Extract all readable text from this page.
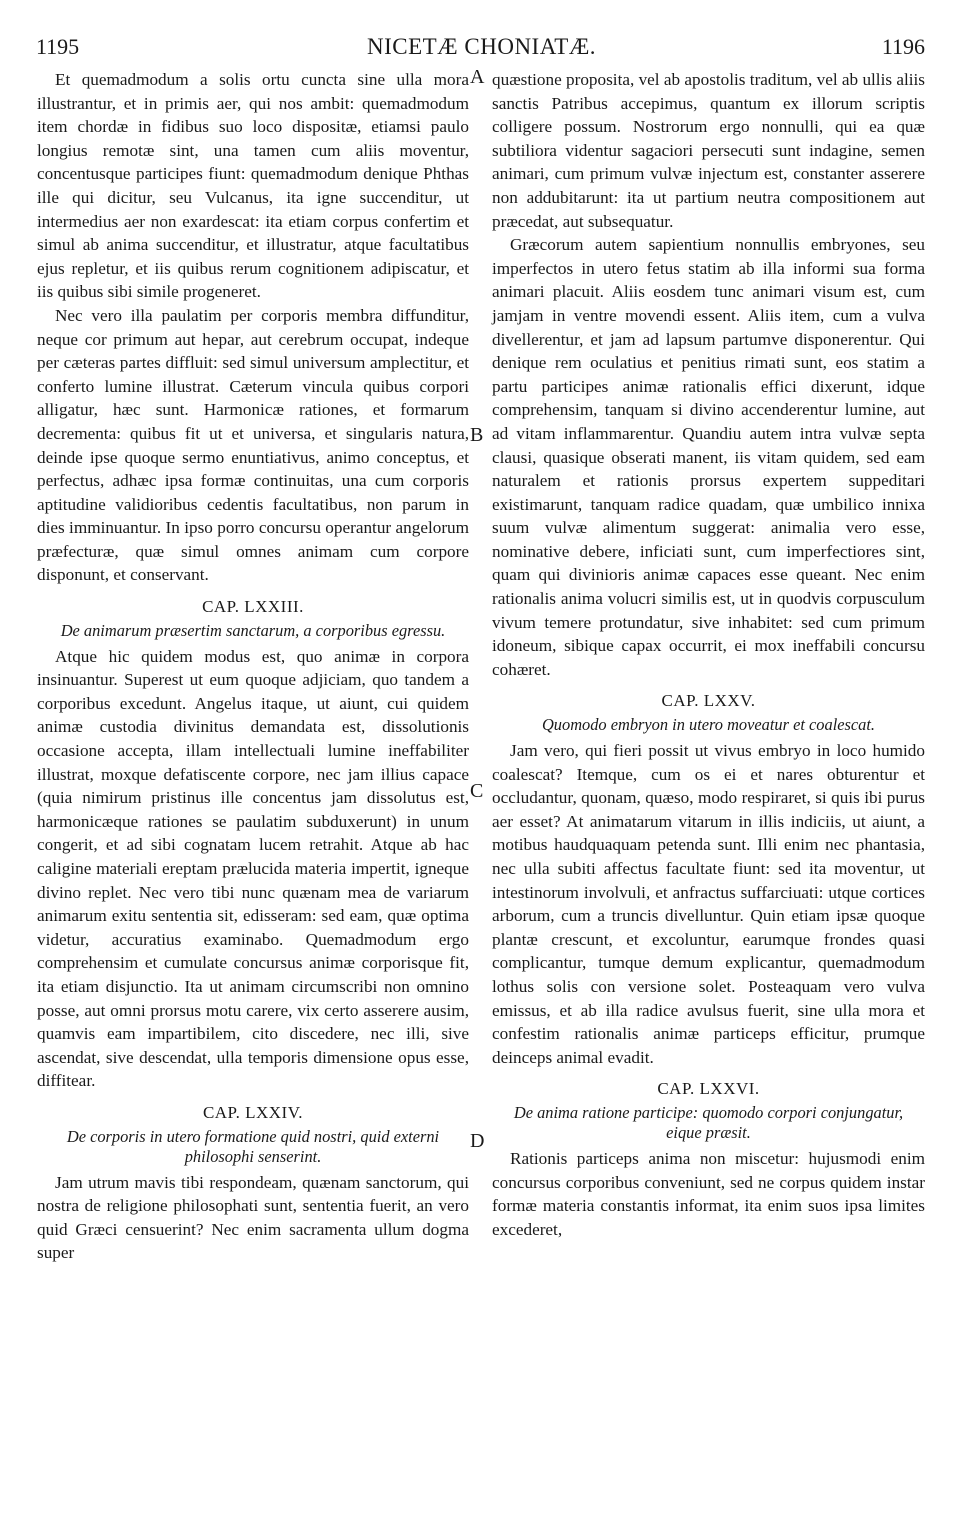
1195	NICETÆ CHONIATÆ.	1196
A
B
C
D

Et quemadmodum a solis ortu cuncta sine ulla mora illustrantur, et in primis aer, qui nos ambit: quemadmodum item chordæ in fidibus suo loco dispositæ, etiamsi paulo longius remotæ sint, una tamen cum aliis moventur, concentusque participes fiunt: quemadmodum denique Phthas ille qui dicitur, seu Vulcanus, ita igne succenditur, ut intermedius aer non exardescat: ita etiam corpus confertim et simul ab anima succenditur, et illustratur, atque facultatibus ejus repletur, et iis quibus rerum cognitionem adipiscatur, et iis quibus sibi simile progeneret.

Nec vero illa paulatim per corporis membra diffunditur, neque cor primum aut hepar, aut cerebrum occupat, indeque per cæteras partes diffluit: sed simul universum amplectitur, et conferto lumine illustrat. Cæterum vincula quibus corpori alligatur, hæc sunt. Harmonicæ rationes, et formarum decrementa: quibus fit ut et universa, et singularis natura, deinde ipse quoque sermo enuntiativus, animo conceptus, et perfectus, adhæc ipsa formæ continuitas, una cum corporis aptitudine validioribus cedentis facultatibus, non parum in dies imminuantur. In ipso porro concursu operantur angelorum præfecturæ, quæ simul omnes animam cum corpore disponunt, et conservant.

CAP. LXXIII.
De animarum præsertim sanctarum, a corporibus egressu.

Atque hic quidem modus est, quo animæ in corpora insinuantur. Superest ut eum quoque adjiciam, quo tandem a corporibus excedunt. Angelus itaque, ut aiunt, cui quidem animæ custodia divinitus demandata est, dissolutionis occasione accepta, illam intellectuali lumine ineffabiliter illustrat, moxque defatiscente corpore, nec jam illius capace (quia nimirum pristinus ille concentus jam dissolutus est, harmonicæque rationes se paulatim subduxerunt) in unum congerit, et ad sibi cognatam lucem retrahit. Atque ab hac caligine materiali ereptam prælucida materia impertit, igneque divino replet. Nec vero tibi nunc quænam mea de variarum animarum exitu sententia sit, edisseram: sed eam, quæ optima videtur, accuratius examinabo. Quemadmodum ergo comprehensim et cumulate concursus animæ corporisque fit, ita etiam disjunctio. Ita ut animam circumscribi non omnino posse, aut omni prorsus motu carere, vix certo asserere ausim, quamvis eam impartibilem, cito discedere, nec illi, sive ascendat, sive descendat, ulla temporis dimensione opus esse, diffitear.

CAP. LXXIV.
De corporis in utero formatione quid nostri, quid externi philosophi senserint.

Jam utrum mavis tibi respondeam, quænam sanctorum, qui nostra de religione philosophati sunt, sententia fuerit, an vero quid Græci censuerint? Nec enim sacramenta ullum dogma super

quæstione proposita, vel ab apostolis traditum, vel ab ullis aliis sanctis Patribus accepimus, quantum ex illorum scriptis colligere possum. Nostrorum ergo nonnulli, qui ea quæ subtiliora videntur sagaciori persecuti sunt indagine, semen animari, cum primum vulvæ injectum est, constanter asserere non addubitarunt: ita ut partium neutra compositionem aut præcedat, aut subsequatur.

Græcorum autem sapientium nonnullis embryones, seu imperfectos in utero fetus statim ab illa informi sua forma animari placuit. Aliis eosdem tunc animari visum est, cum jamjam in ventre movendi essent. Aliis item, cum a vulva divellerentur, et jam ad lapsum partumve disponerentur. Qui denique rem oculatius et penitius rimati sunt, eos statim a partu participes animæ rationalis effici dixerunt, idque comprehensim, tanquam si divino accenderentur lumine, aut ad vitam inflammarentur. Quandiu autem intra vulvæ septa clausi, quasique obserati manent, iis vitam quidem, sed eam naturalem et rationis prorsus expertem suppeditari existimarunt, tanquam radice quadam, quæ umbilico innixa suum vulvæ alimentum suggerat: animalia vero esse, nominative debere, inficiati sunt, cum imperfectiores sint, quam qui divinioris animæ capaces esse queant. Nec enim rationalis anima volucri similis est, ut in quodvis corpusculum vivum temere protundatur, sive inhabitet: sed cum primum idoneum, sibique capax occurrit, ei mox ineffabili concursu cohæret.

CAP. LXXV.
Quomodo embryon in utero moveatur et coalescat.

Jam vero, qui fieri possit ut vivus embryo in loco humido coalescat? Itemque, cum os ei et nares obturentur et occludantur, quonam, quæso, modo respiraret, si quis ibi purus aer esset? At animatarum vitarum in illis indiciis, ut aiunt, a motibus haudquaquam petenda sunt. Illi enim nec phantasia, nec ulla subiti affectus facultate fiunt: sed ita moventur, ut intestinorum involvuli, et anfractus suffarciuati: utque cortices arborum, cum a truncis divelluntur. Quin etiam ipsæ quoque plantæ crescunt, et excoluntur, earumque frondes quasi complicantur, tumque demum explicantur, quemadmodum lothus solis con versione solet. Posteaquam vero vulva emissus, et ab illa radice avulsus fuerit, sine ulla mora et confestim rationalis animæ particeps efficitur, prumque deinceps animal evadit.

CAP. LXXVI.
De anima ratione participe: quomodo corpori conjungatur, eique præsit.

Rationis particeps anima non miscetur: hujusmodi enim concursus corporibus conveniunt, sed ne corpus quidem instar formæ materia constantis informat, ita enim suos ipsa limites excederet,
